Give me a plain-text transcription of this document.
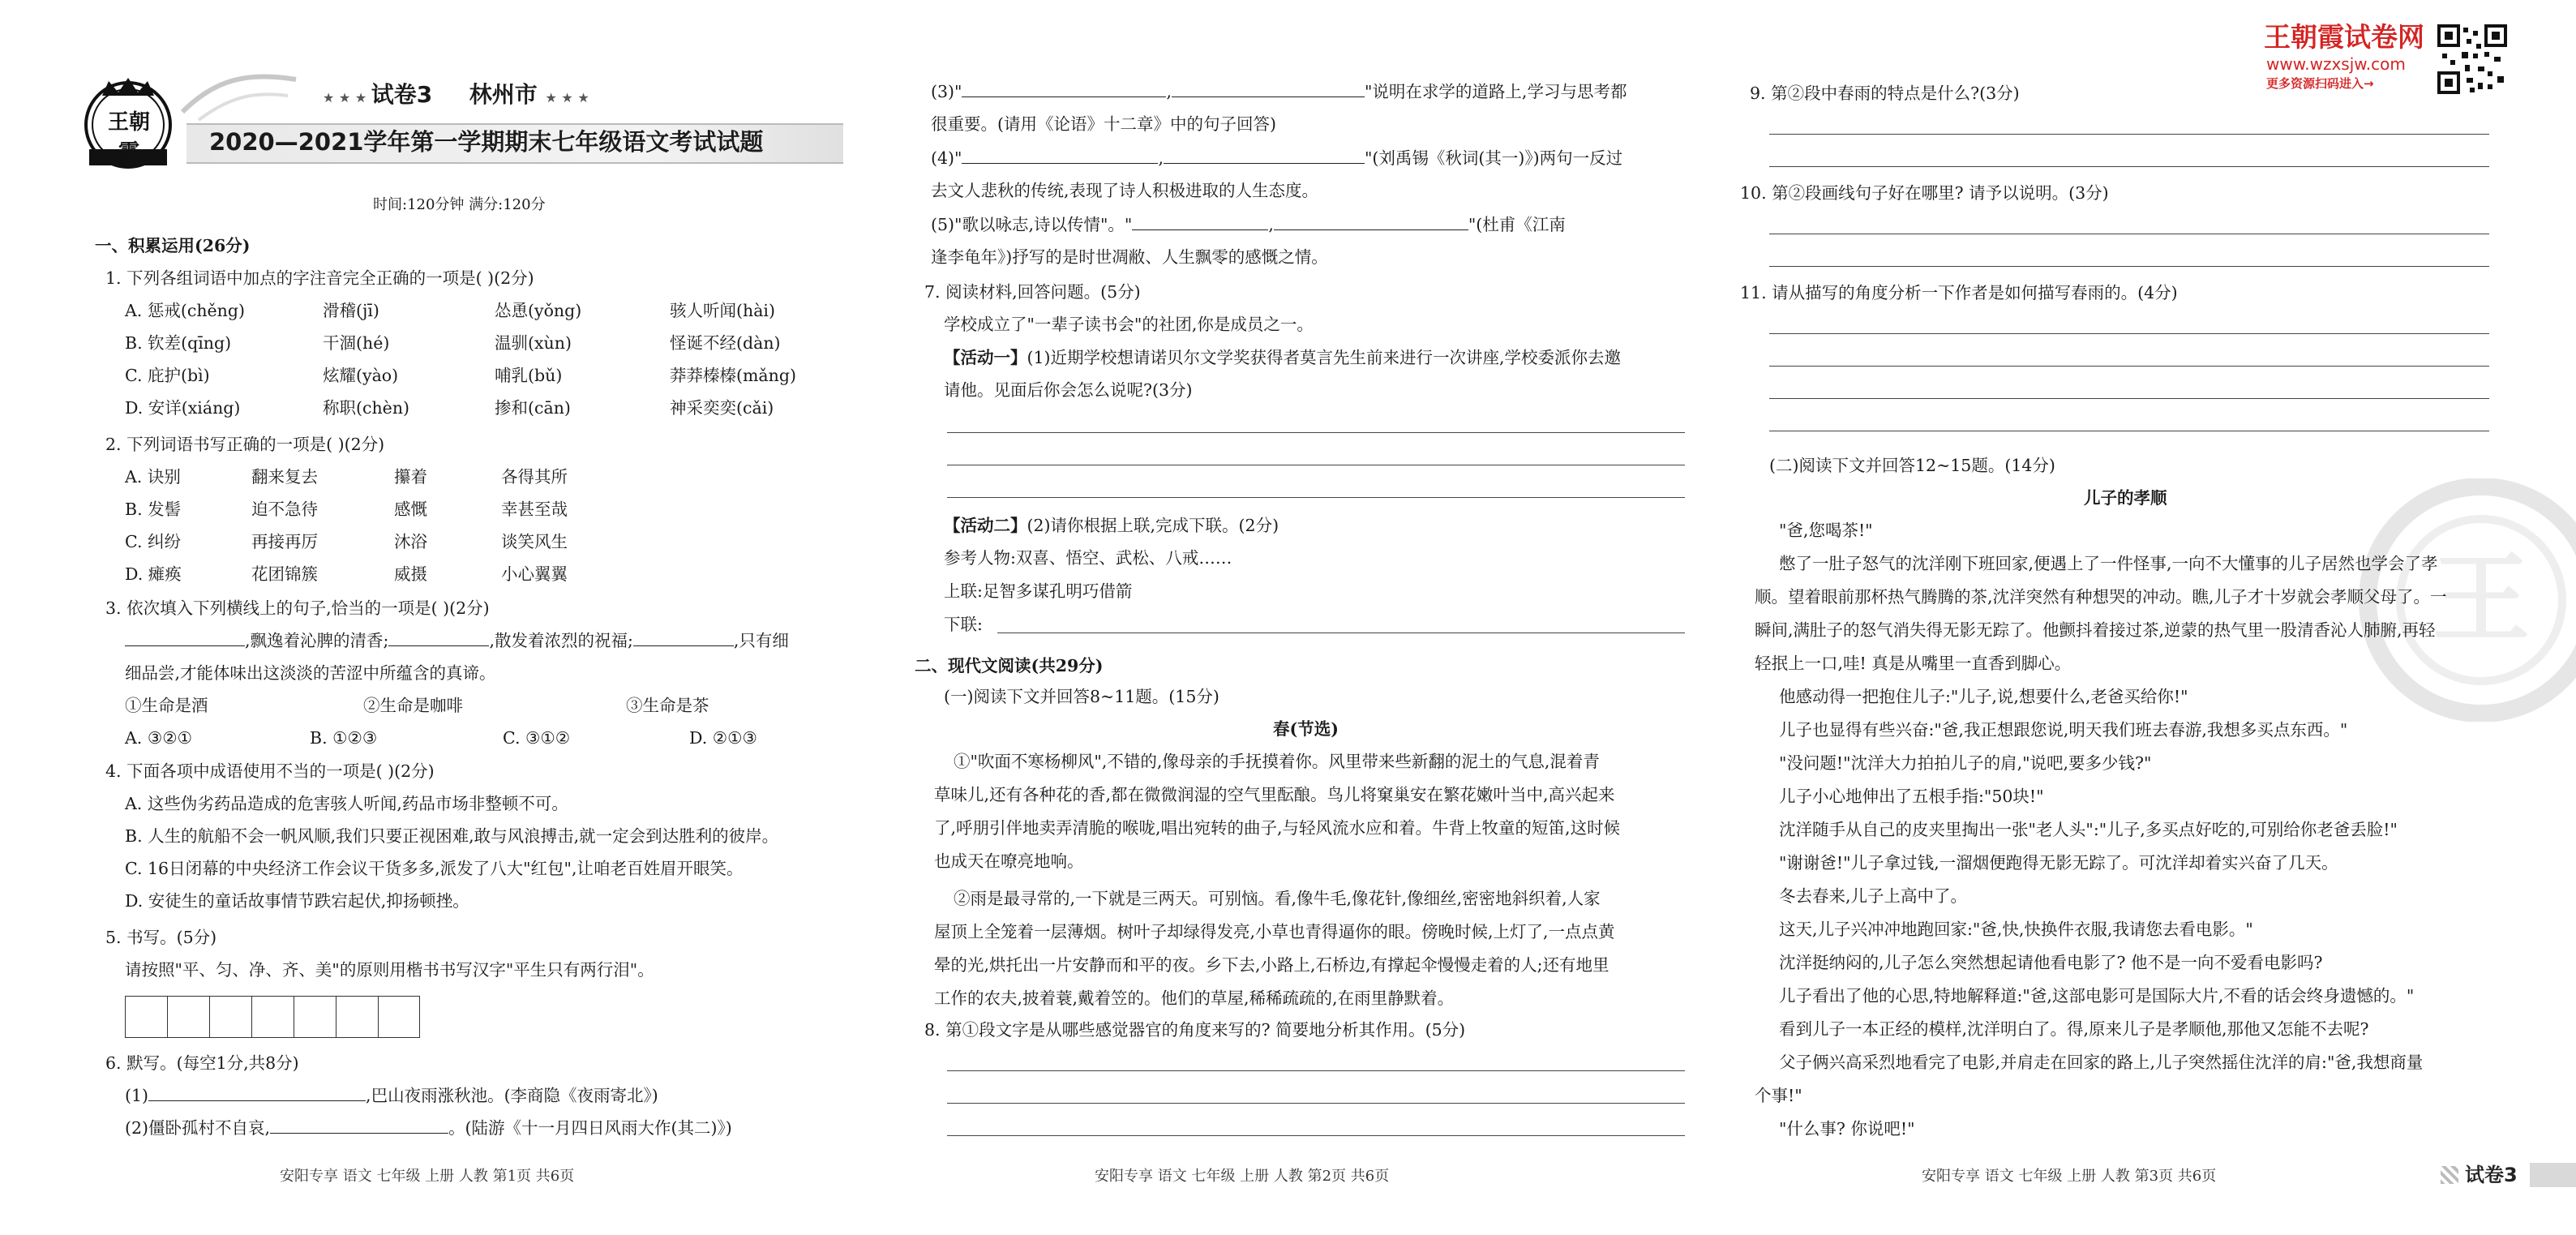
王朝霞
★ ★ ★ 试卷3 林州市 ★ ★ ★
2020—2021学年第一学期期末七年级语文考试试题
时间:120分钟 满分:120分
一、积累运用(26分)
1. 下列各组词语中加点的字注音完全正确的一项是( )(2分)
A. 惩戒(chěng)	滑稽(jī)	怂恿(yǒng)	骇人听闻(hài)
B. 钦差(qīng)	干涸(hé)	温驯(xùn)	怪诞不经(dàn)
C. 庇护(bì)	炫耀(yào)	哺乳(bǔ)	莽莽榛榛(mǎng)
D. 安详(xiáng)	称职(chèn)	掺和(cān)	神采奕奕(cǎi)
2. 下列词语书写正确的一项是( )(2分)
A. 诀别	翻来复去	攥着	各得其所
B. 发髻	迫不急待	感慨	幸甚至哉
C. 纠纷	再接再厉	沐浴	谈笑风生
D. 瘫痪	花团锦簇	威摄	小心翼翼
3. 依次填入下列横线上的句子,恰当的一项是( )(2分)
,飘逸着沁脾的清香;	,散发着浓烈的祝福;	,只有细
细品尝,才能体味出这淡淡的苦涩中所蕴含的真谛。
①生命是酒	②生命是咖啡	③生命是茶
A. ③②①	B. ①②③	C. ③①②	D. ②①③
4. 下面各项中成语使用不当的一项是( )(2分)
A. 这些伪劣药品造成的危害骇人听闻,药品市场非整顿不可。
B. 人生的航船不会一帆风顺,我们只要正视困难,敢与风浪搏击,就一定会到达胜利的彼岸。
C. 16日闭幕的中央经济工作会议干货多多,派发了八大"红包",让咱老百姓眉开眼笑。
D. 安徒生的童话故事情节跌宕起伏,抑扬顿挫。
5. 书写。(5分)
请按照"平、匀、净、齐、美"的原则用楷书书写汉字"平生只有两行泪"。
6. 默写。(每空1分,共8分)
(1)	,巴山夜雨涨秋池。(李商隐《夜雨寄北》)
(2)僵卧孤村不自哀,	。(陆游《十一月四日风雨大作(其二)》)
安阳专享 语文 七年级 上册 人教 第1页 共6页
(3)"	,	"说明在求学的道路上,学习与思考都
很重要。(请用《论语》十二章》中的句子回答)
(4)"	,	"(刘禹锡《秋词(其一)》)两句一反过
去文人悲秋的传统,表现了诗人积极进取的人生态度。
(5)"歌以咏志,诗以传情"。"	,	"(杜甫《江南
逢李龟年》)抒写的是时世凋敝、人生飘零的感慨之情。
7. 阅读材料,回答问题。(5分)
学校成立了"一辈子读书会"的社团,你是成员之一。
【活动一】(1)近期学校想请诺贝尔文学奖获得者莫言先生前来进行一次讲座,学校委派你去邀
请他。见面后你会怎么说呢?(3分)
【活动二】(2)请你根据上联,完成下联。(2分)
参考人物:双喜、悟空、武松、八戒……
上联:足智多谋孔明巧借箭
下联:
二、现代文阅读(共29分)
(一)阅读下文并回答8~11题。(15分)
春(节选)
①"吹面不寒杨柳风",不错的,像母亲的手抚摸着你。风里带来些新翻的泥土的气息,混着青
草味儿,还有各种花的香,都在微微润湿的空气里酝酿。鸟儿将窠巢安在繁花嫩叶当中,高兴起来
了,呼朋引伴地卖弄清脆的喉咙,唱出宛转的曲子,与轻风流水应和着。牛背上牧童的短笛,这时候
也成天在嘹亮地响。
②雨是最寻常的,一下就是三两天。可别恼。看,像牛毛,像花针,像细丝,密密地斜织着,人家
屋顶上全笼着一层薄烟。树叶子却绿得发亮,小草也青得逼你的眼。傍晚时候,上灯了,一点点黄
晕的光,烘托出一片安静而和平的夜。乡下去,小路上,石桥边,有撑起伞慢慢走着的人;还有地里
工作的农夫,披着蓑,戴着笠的。他们的草屋,稀稀疏疏的,在雨里静默着。
8. 第①段文字是从哪些感觉器官的角度来写的? 简要地分析其作用。(5分)
安阳专享 语文 七年级 上册 人教 第2页 共6页
王
王朝霞试卷网
www.wzxsjw.com
更多资源扫码进入→
9. 第②段中春雨的特点是什么?(3分)
10. 第②段画线句子好在哪里? 请予以说明。(3分)
11. 请从描写的角度分析一下作者是如何描写春雨的。(4分)
(二)阅读下文并回答12~15题。(14分)
儿子的孝顺
"爸,您喝茶!"
憋了一肚子怒气的沈洋刚下班回家,便遇上了一件怪事,一向不大懂事的儿子居然也学会了孝
顺。望着眼前那杯热气腾腾的茶,沈洋突然有种想哭的冲动。瞧,儿子才十岁就会孝顺父母了。一
瞬间,满肚子的怒气消失得无影无踪了。他颤抖着接过茶,逆蒙的热气里一股清香沁人肺腑,再轻
轻抿上一口,哇! 真是从嘴里一直香到脚心。
他感动得一把抱住儿子:"儿子,说,想要什么,老爸买给你!"
儿子也显得有些兴奋:"爸,我正想跟您说,明天我们班去春游,我想多买点东西。"
"没问题!"沈洋大力拍拍儿子的肩,"说吧,要多少钱?"
儿子小心地伸出了五根手指:"50块!"
沈洋随手从自己的皮夹里掏出一张"老人头":"儿子,多买点好吃的,可别给你老爸丢脸!"
"谢谢爸!"儿子拿过钱,一溜烟便跑得无影无踪了。可沈洋却着实兴奋了几天。
冬去春来,儿子上高中了。
这天,儿子兴冲冲地跑回家:"爸,快,快换件衣服,我请您去看电影。"
沈洋挺纳闷的,儿子怎么突然想起请他看电影了? 他不是一向不爱看电影吗?
儿子看出了他的心思,特地解释道:"爸,这部电影可是国际大片,不看的话会终身遗憾的。"
看到儿子一本正经的模样,沈洋明白了。得,原来儿子是孝顺他,那他又怎能不去呢?
父子俩兴高采烈地看完了电影,并肩走在回家的路上,儿子突然摇住沈洋的肩:"爸,我想商量
个事!"
"什么事? 你说吧!"
安阳专享 语文 七年级 上册 人教 第3页 共6页	试卷3
